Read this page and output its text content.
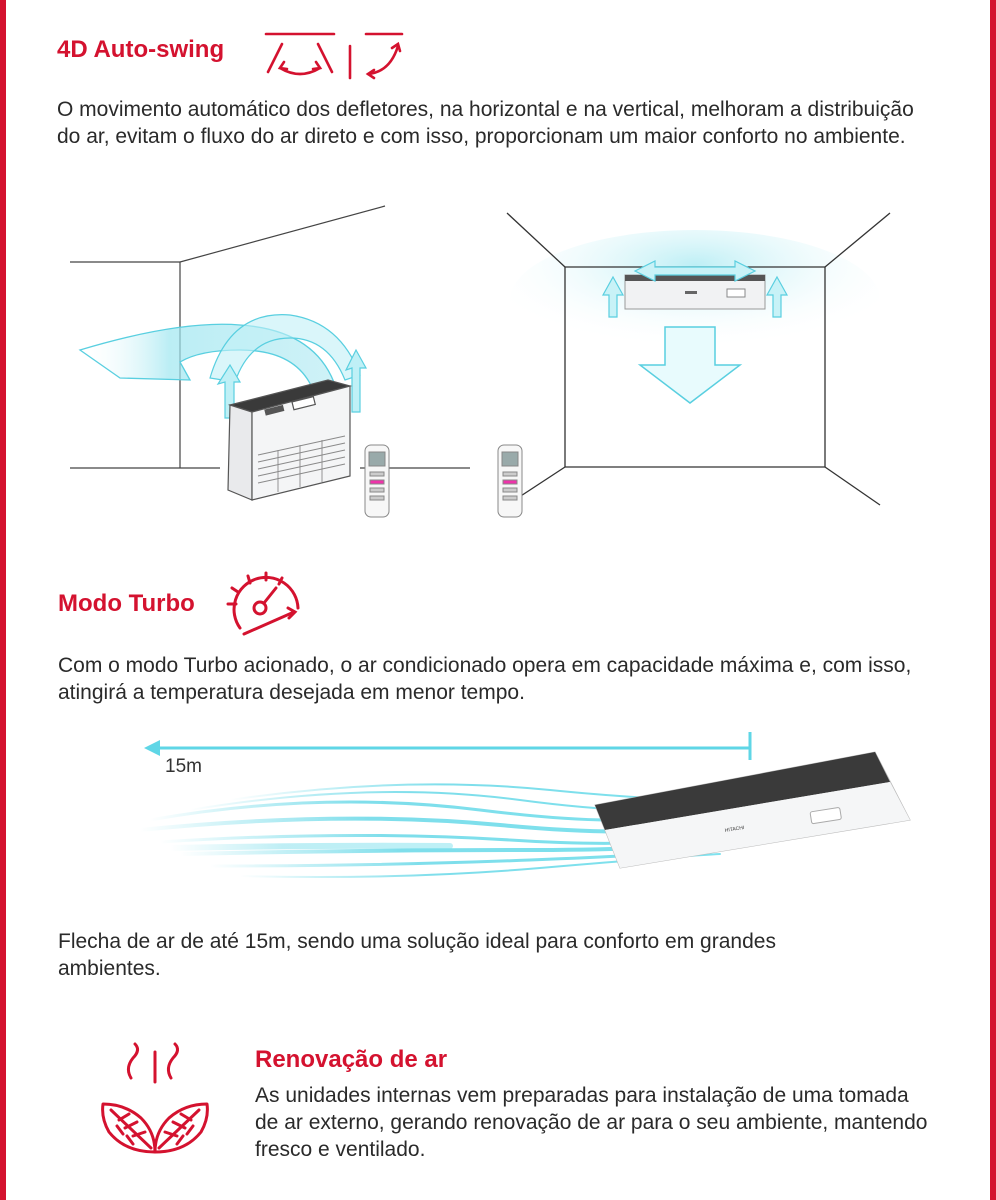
4D Auto-swing

O movimento automático dos defletores, na horizontal e na vertical, melhoram a distribuição do ar, evitam o fluxo do ar direto e com isso, proporcionam um maior conforto no ambiente.

Modo Turbo

Com o modo Turbo acionado, o ar condicionado opera em capacidade máxima e, com isso, atingirá a temperatura desejada em menor tempo.

15m
HITACHI

Flecha de ar de até 15m, sendo uma solução ideal para conforto em grandes ambientes.

Renovação de ar

As unidades internas vem preparadas para instalação de uma tomada de ar externo, gerando renovação de ar para o seu ambiente, mantendo fresco e ventilado.
